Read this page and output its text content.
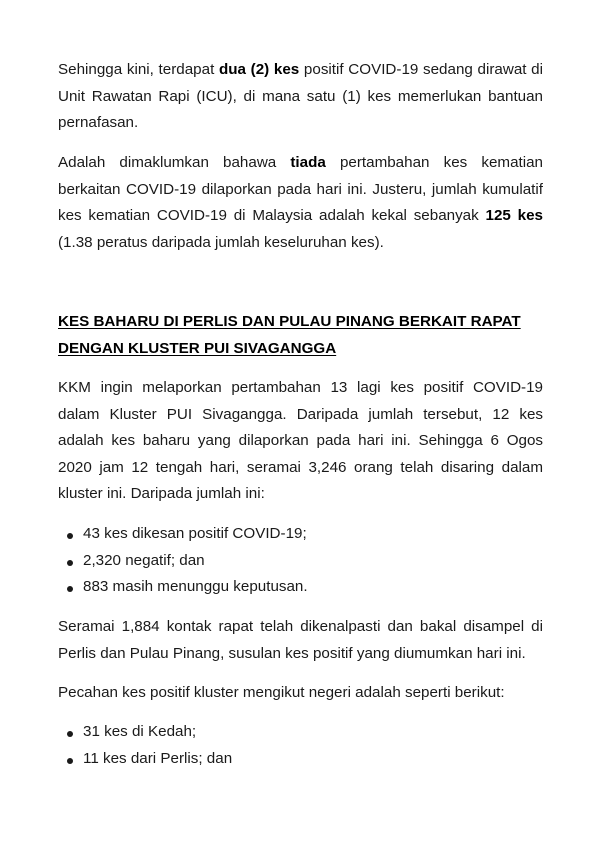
Sehingga kini, terdapat dua (2) kes positif COVID-19 sedang dirawat di Unit Rawatan Rapi (ICU), di mana satu (1) kes memerlukan bantuan pernafasan.

Adalah dimaklumkan bahawa tiada pertambahan kes kematian berkaitan COVID-19 dilaporkan pada hari ini. Justeru, jumlah kumulatif kes kematian COVID-19 di Malaysia adalah kekal sebanyak 125 kes (1.38 peratus daripada jumlah keseluruhan kes).

KES BAHARU DI PERLIS DAN PULAU PINANG BERKAIT RAPAT DENGAN KLUSTER PUI SIVAGANGGA

KKM ingin melaporkan pertambahan 13 lagi kes positif COVID-19 dalam Kluster PUI Sivagangga. Daripada jumlah tersebut, 12 kes adalah kes baharu yang dilaporkan pada hari ini. Sehingga 6 Ogos 2020 jam 12 tengah hari, seramai 3,246 orang telah disaring dalam kluster ini. Daripada jumlah ini:

43 kes dikesan positif COVID-19;
2,320 negatif; dan
883 masih menunggu keputusan.

Seramai 1,884 kontak rapat telah dikenalpasti dan bakal disampel di Perlis dan Pulau Pinang, susulan kes positif yang diumumkan hari ini.

Pecahan kes positif kluster mengikut negeri adalah seperti berikut:

31 kes di Kedah;
11 kes dari Perlis; dan
